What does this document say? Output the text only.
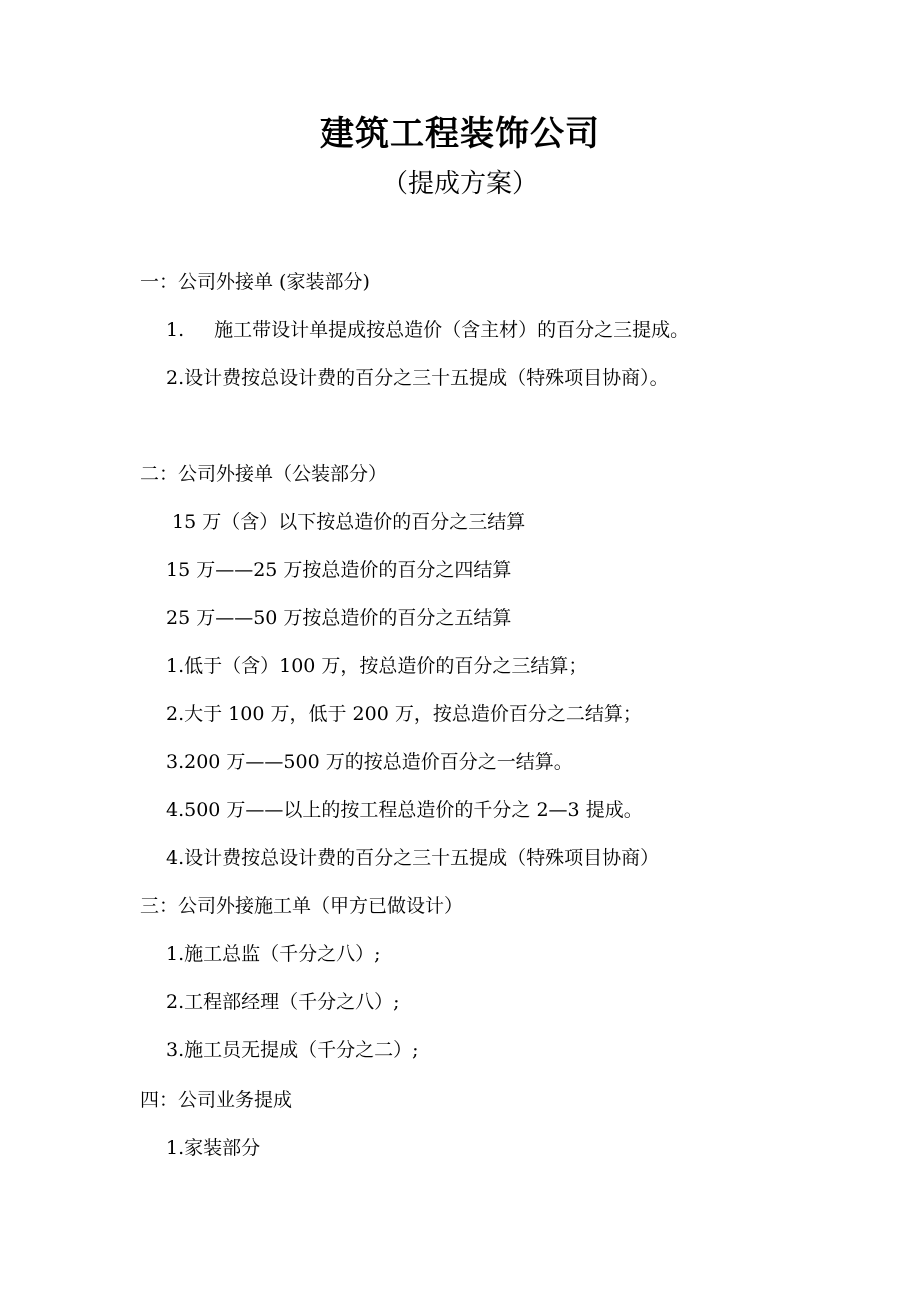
建筑工程装饰公司
（提成方案）
一：公司外接单 (家装部分)
1. 施工带设计单提成按总造价（含主材）的百分之三提成。
2.设计费按总设计费的百分之三十五提成（特殊项目协商）。
二：公司外接单（公装部分）
15 万（含）以下按总造价的百分之三结算
15 万——25 万按总造价的百分之四结算
25 万——50 万按总造价的百分之五结算
1.低于（含）100 万，按总造价的百分之三结算；
2.大于 100 万，低于 200 万，按总造价百分之二结算；
3.200 万——500 万的按总造价百分之一结算。
4.500 万——以上的按工程总造价的千分之 2—3 提成。
4.设计费按总设计费的百分之三十五提成（特殊项目协商）
三：公司外接施工单（甲方已做设计）
1.施工总监（千分之八）;
2.工程部经理（千分之八）;
3.施工员无提成（千分之二）;
四：公司业务提成
1.家装部分
